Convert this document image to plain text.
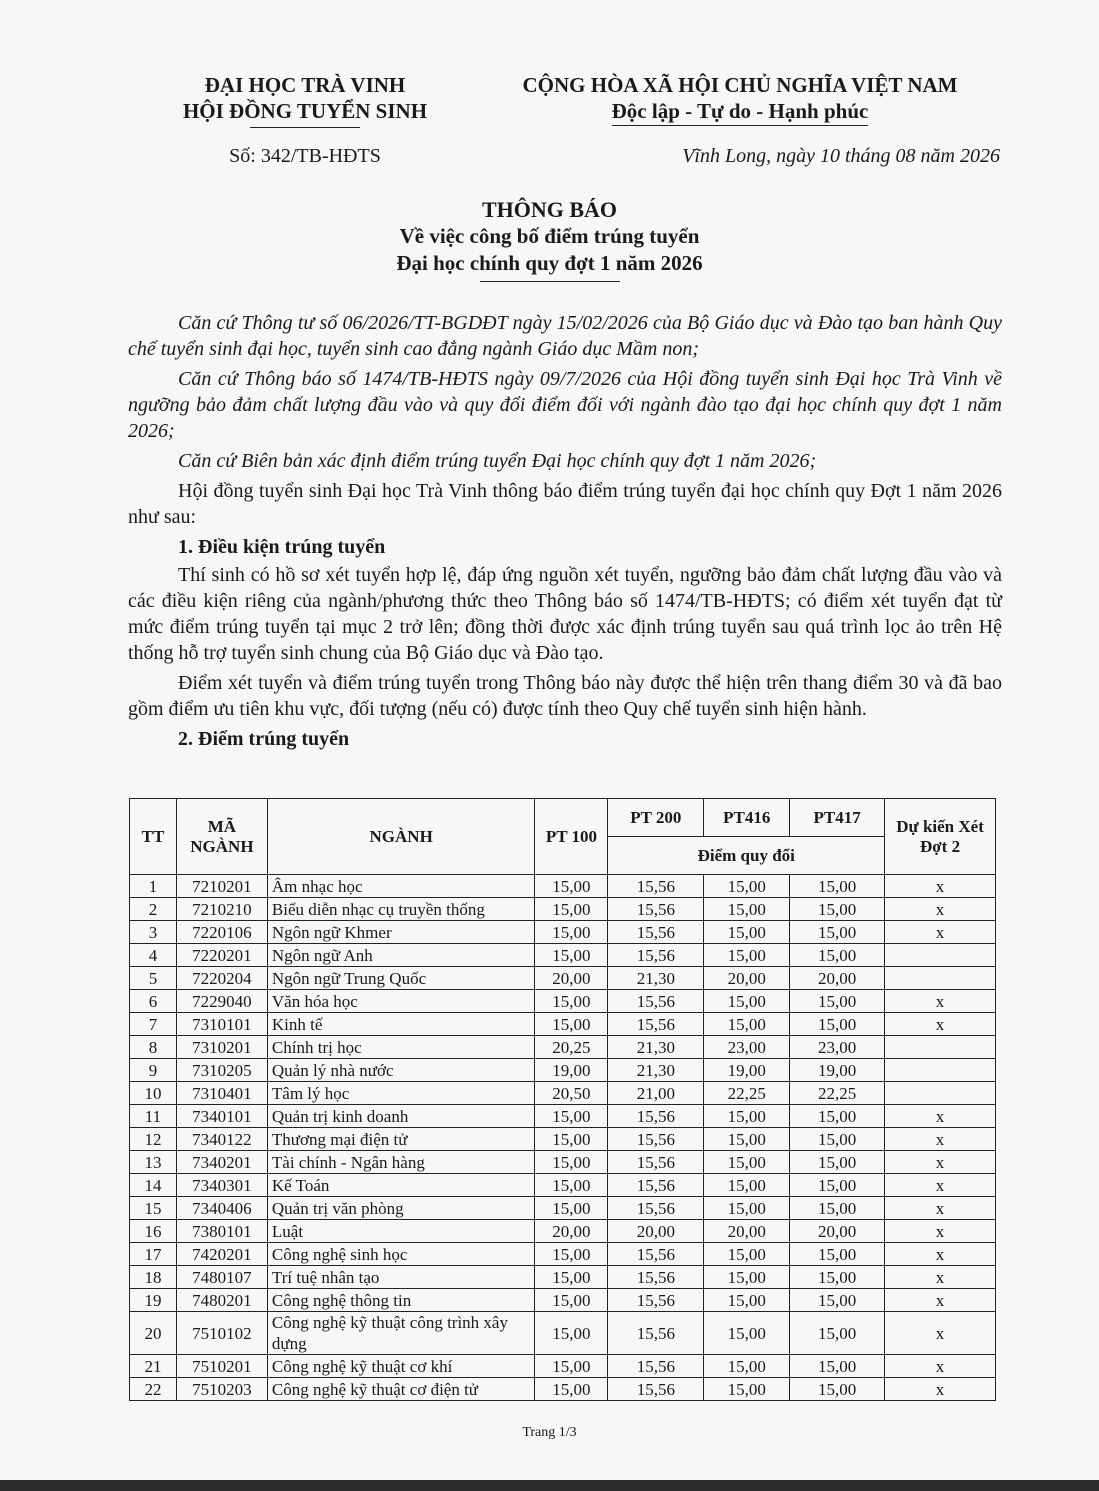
ĐẠI HỌC TRÀ VINH
HỘI ĐỒNG TUYỂN SINH
CỘNG HÒA XÃ HỘI CHỦ NGHĨA VIỆT NAM
Độc lập - Tự do - Hạnh phúc
Số: 342/TB-HĐTS	Vĩnh Long, ngày 10 tháng 08 năm 2026
THÔNG BÁO
Về việc công bố điểm trúng tuyển
Đại học chính quy đợt 1 năm 2026

Căn cứ Thông tư số 06/2026/TT-BGDĐT ngày 15/02/2026 của Bộ Giáo dục và Đào tạo ban hành Quy chế tuyển sinh đại học, tuyển sinh cao đẳng ngành Giáo dục Mầm non;

Căn cứ Thông báo số 1474/TB-HĐTS ngày 09/7/2026 của Hội đồng tuyển sinh Đại học Trà Vinh về ngưỡng bảo đảm chất lượng đầu vào và quy đổi điểm đối với ngành đào tạo đại học chính quy đợt 1 năm 2026;

Căn cứ Biên bản xác định điểm trúng tuyển Đại học chính quy đợt 1 năm 2026;

Hội đồng tuyển sinh Đại học Trà Vinh thông báo điểm trúng tuyển đại học chính quy Đợt 1 năm 2026 như sau:

1. Điều kiện trúng tuyển

Thí sinh có hồ sơ xét tuyển hợp lệ, đáp ứng nguồn xét tuyển, ngưỡng bảo đảm chất lượng đầu vào và các điều kiện riêng của ngành/phương thức theo Thông báo số 1474/TB-HĐTS; có điểm xét tuyển đạt từ mức điểm trúng tuyển tại mục 2 trở lên; đồng thời được xác định trúng tuyển sau quá trình lọc ảo trên Hệ thống hỗ trợ tuyển sinh chung của Bộ Giáo dục và Đào tạo.

Điểm xét tuyển và điểm trúng tuyển trong Thông báo này được thể hiện trên thang điểm 30 và đã bao gồm điểm ưu tiên khu vực, đối tượng (nếu có) được tính theo Quy chế tuyển sinh hiện hành.

2. Điểm trúng tuyển
TT	MÃ NGÀNH	NGÀNH	PT 100	PT 200	PT416	PT417	Dự kiến Xét Đợt 2
				Điểm quy đổi			
1	7210201	Âm nhạc học	15,00	15,56	15,00	15,00	x
2	7210210	Biểu diễn nhạc cụ truyền thống	15,00	15,56	15,00	15,00	x
3	7220106	Ngôn ngữ Khmer	15,00	15,56	15,00	15,00	x
4	7220201	Ngôn ngữ Anh	15,00	15,56	15,00	15,00	
5	7220204	Ngôn ngữ Trung Quốc	20,00	21,30	20,00	20,00	
6	7229040	Văn hóa học	15,00	15,56	15,00	15,00	x
7	7310101	Kinh tế	15,00	15,56	15,00	15,00	x
8	7310201	Chính trị học	20,25	21,30	23,00	23,00	
9	7310205	Quản lý nhà nước	19,00	21,30	19,00	19,00	
10	7310401	Tâm lý học	20,50	21,00	22,25	22,25	
11	7340101	Quản trị kinh doanh	15,00	15,56	15,00	15,00	x
12	7340122	Thương mại điện tử	15,00	15,56	15,00	15,00	x
13	7340201	Tài chính - Ngân hàng	15,00	15,56	15,00	15,00	x
14	7340301	Kế Toán	15,00	15,56	15,00	15,00	x
15	7340406	Quản trị văn phòng	15,00	15,56	15,00	15,00	x
16	7380101	Luật	20,00	20,00	20,00	20,00	x
17	7420201	Công nghệ sinh học	15,00	15,56	15,00	15,00	x
18	7480107	Trí tuệ nhân tạo	15,00	15,56	15,00	15,00	x
19	7480201	Công nghệ thông tin	15,00	15,56	15,00	15,00	x
20	7510102	Công nghệ kỹ thuật công trình xây dựng	15,00	15,56	15,00	15,00	x
21	7510201	Công nghệ kỹ thuật cơ khí	15,00	15,56	15,00	15,00	x
22	7510203	Công nghệ kỹ thuật cơ điện tử	15,00	15,56	15,00	15,00	x
Trang 1/3
